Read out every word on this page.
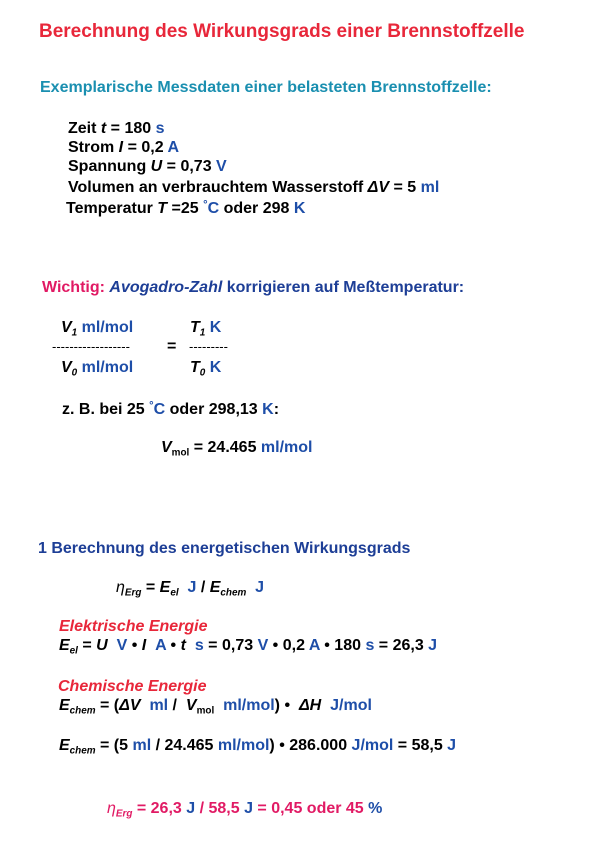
Berechnung des Wirkungsgrads einer Brennstoffzelle
Exemplarische Messdaten einer belasteten Brennstoffzelle:
Zeit t = 180 s
Strom I = 0,2 A
Spannung U = 0,73 V
Volumen an verbrauchtem Wasserstoff ΔV = 5 ml
Temperatur T =25 °C oder 298 K
Wichtig: Avogadro-Zahl korrigieren auf Meßtemperatur:
$V_1$ ml/mol	$T_1$ K
------------------ = ---------
$V_0$ ml/mol	$T_0$ K
z. B. bei 25 °C oder 298,13 K:
$V_{mol} = 24.465$ ml/mol
1 Berechnung des energetischen Wirkungsgrads
$\eta_{Erg} = E_{el}$ J / $E_{chem}$ J
Elektrische Energie
$E_{el} = U$ V • I A • t s = 0,73 V • 0,2 A • 180 s = 26,3 J
Chemische Energie
$E_{chem} = (\Delta V$ ml /  $V_{mol}$ ml/mol) • ΔH J/mol
$E_{chem} = (5$ ml / 24.465 ml/mol) • 286.000 J/mol = 58,5 J
$\eta_{Erg} = 26,3$ J / 58,5 J = 0,45 oder 45 %
